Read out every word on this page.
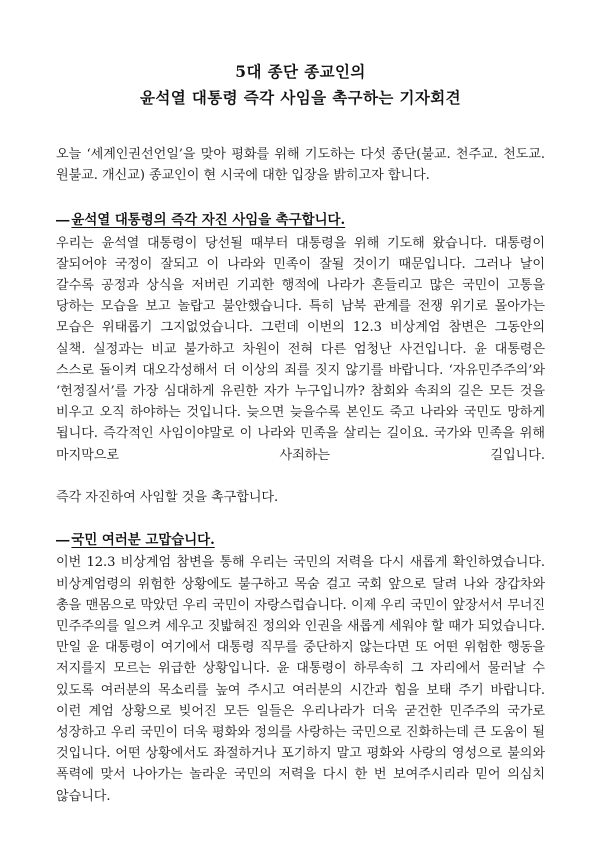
5대 종단 종교인의
윤석열 대통령 즉각 사임을 촉구하는 기자회견

오늘 ‘세계인권선언일’을 맞아 평화를 위해 기도하는 다섯 종단(불교. 천주교. 천도교. 원불교. 개신교) 종교인이 현 시국에 대한 입장을 밝히고자 합니다.

― 윤석열 대통령의 즉각 자진 사임을 촉구합니다.

우리는 윤석열 대통령이 당선될 때부터 대통령을 위해 기도해 왔습니다. 대통령이 잘되어야 국정이 잘되고 이 나라와 민족이 잘될 것이기 때문입니다. 그러나 날이 갈수록 공정과 상식을 저버린 기괴한 행적에 나라가 흔들리고 많은 국민이 고통을 당하는 모습을 보고 놀랍고 불안했습니다. 특히 남북 관계를 전쟁 위기로 몰아가는 모습은 위태롭기 그지없었습니다. 그런데 이번의 12.3 비상계엄 참변은 그동안의 실책. 실정과는 비교 불가하고 차원이 전혀 다른 엄청난 사건입니다. 윤 대통령은 스스로 돌이켜 대오각성해서 더 이상의 죄를 짓지 않기를 바랍니다. ‘자유민주주의’와 ‘헌정질서’를 가장 심대하게 유린한 자가 누구입니까? 참회와 속죄의 길은 모든 것을 비우고 오직 하야하는 것입니다. 늦으면 늦을수록 본인도 죽고 나라와 국민도 망하게 됩니다. 즉각적인 사임이야말로 이 나라와 민족을 살리는 길이요. 국가와 민족을 위해 마지막으로 사죄하는 길입니다.

즉각 자진하여 사임할 것을 촉구합니다.

― 국민 여러분 고맙습니다.

이번 12.3 비상계엄 참변을 통해 우리는 국민의 저력을 다시 새롭게 확인하였습니다. 비상계엄령의 위험한 상황에도 불구하고 목숨 걸고 국회 앞으로 달려 나와 장갑차와 총을 맨몸으로 막았던 우리 국민이 자랑스럽습니다. 이제 우리 국민이 앞장서서 무너진 민주주의를 일으켜 세우고 짓밟혀진 정의와 인권을 새롭게 세워야 할 때가 되었습니다. 만일 윤 대통령이 여기에서 대통령 직무를 중단하지 않는다면 또 어떤 위험한 행동을 저지를지 모르는 위급한 상황입니다. 윤 대통령이 하루속히 그 자리에서 물러날 수 있도록 여러분의 목소리를 높여 주시고 여러분의 시간과 힘을 보태 주기 바랍니다. 이런 계엄 상황으로 빚어진 모든 일들은 우리나라가 더욱 굳건한 민주주의 국가로 성장하고 우리 국민이 더욱 평화와 정의를 사랑하는 국민으로 진화하는데 큰 도움이 될 것입니다. 어떤 상황에서도 좌절하거나 포기하지 말고 평화와 사랑의 영성으로 불의와 폭력에 맞서 나아가는 놀라운 국민의 저력을 다시 한 번 보여주시리라 믿어 의심치 않습니다.
